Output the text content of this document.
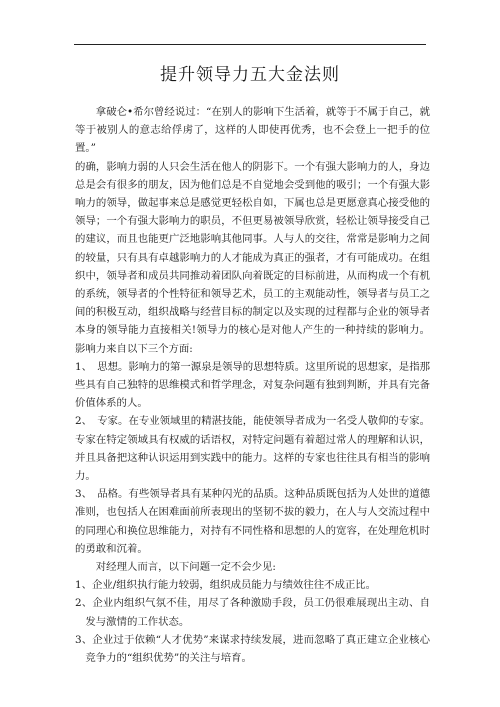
提升领导力五大金法则

拿破仑•希尔曾经说过：“在别人的影响下生活着，就等于不属于自己，就等于被别人的意志给俘虏了，这样的人即使再优秀，也不会登上一把手的位置。”

的确，影响力弱的人只会生活在他人的阴影下。一个有强大影响力的人，身边总是会有很多的朋友，因为他们总是不自觉地会受到他的吸引；一个有强大影响力的领导，做起事来总是感觉更轻松自如，下属也总是更愿意真心接受他的领导；一个有强大影响力的职员，不但更易被领导欣赏，轻松让领导接受自己的建议，而且也能更广泛地影响其他同事。人与人的交往，常常是影响力之间的较量，只有具有卓越影响力的人才能成为真正的强者，才有可能成功。在组织中，领导者和成员共同推动着团队向着既定的目标前进，从而构成一个有机的系统，领导者的个性特征和领导艺术，员工的主观能动性，领导者与员工之间的积极互动，组织战略与经营目标的制定以及实现的过程都与企业的领导者本身的领导能力直接相关!领导力的核心是对他人产生的一种持续的影响力。影响力来自以下三个方面:

1、　思想。影响力的第一源泉是领导的思想特质。这里所说的思想家，是指那些具有自己独特的思维模式和哲学理念，对复杂问题有独到判断，并具有完备价值体系的人。

2、　专家。在专业领域里的精湛技能，能使领导者成为一名受人敬仰的专家。专家在特定领域具有权威的话语权，对特定问题有着超过常人的理解和认识，并且具备把这种认识运用到实践中的能力。这样的专家也往往具有相当的影响力。

3、　品格。有些领导者具有某种闪光的品质。这种品质既包括为人处世的道德准则，也包括人在困难面前所表现出的坚韧不拔的毅力，在人与人交流过程中的同理心和换位思维能力，对持有不同性格和思想的人的宽容，在处理危机时的勇敢和沉着。

对经理人而言，以下问题一定不会少见:

1、企业/组织执行能力较弱，组织成员能力与绩效往往不成正比。

2、企业内组织气氛不佳，用尽了各种激励手段，员工仍很难展现出主动、自发与激情的工作状态。

3、企业过于依赖“人才优势”来谋求持续发展，进而忽略了真正建立企业核心竞争力的“组织优势”的关注与培育。
